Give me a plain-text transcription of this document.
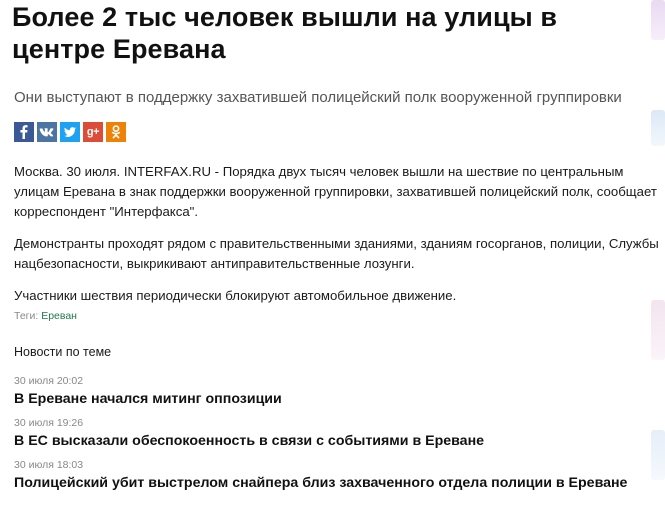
Более 2 тыс человек вышли на улицы в центре Еревана

Они выступают в поддержку захватившей полицейский полк вооруженной группировки

g+

Москва. 30 июля. INTERFAX.RU - Порядка двух тысяч человек вышли на шествие по центральным улицам Еревана в знак поддержки вооруженной группировки, захватившей полицейский полк, сообщает корреспондент "Интерфакса".

Демонстранты проходят рядом с правительственными зданиями, зданиям госорганов, полиции, Службы нацбезопасности, выкрикивают антиправительственные лозунги.

Участники шествия периодически блокируют автомобильное движение.

Теги: Ереван
Новости по теме
30 июля 20:02
В Ереване начался митинг оппозиции
30 июля 19:26
В ЕС высказали обеспокоенность в связи с событиями в Ереване
30 июля 18:03
Полицейский убит выстрелом снайпера близ захваченного отдела полиции в Ереване
